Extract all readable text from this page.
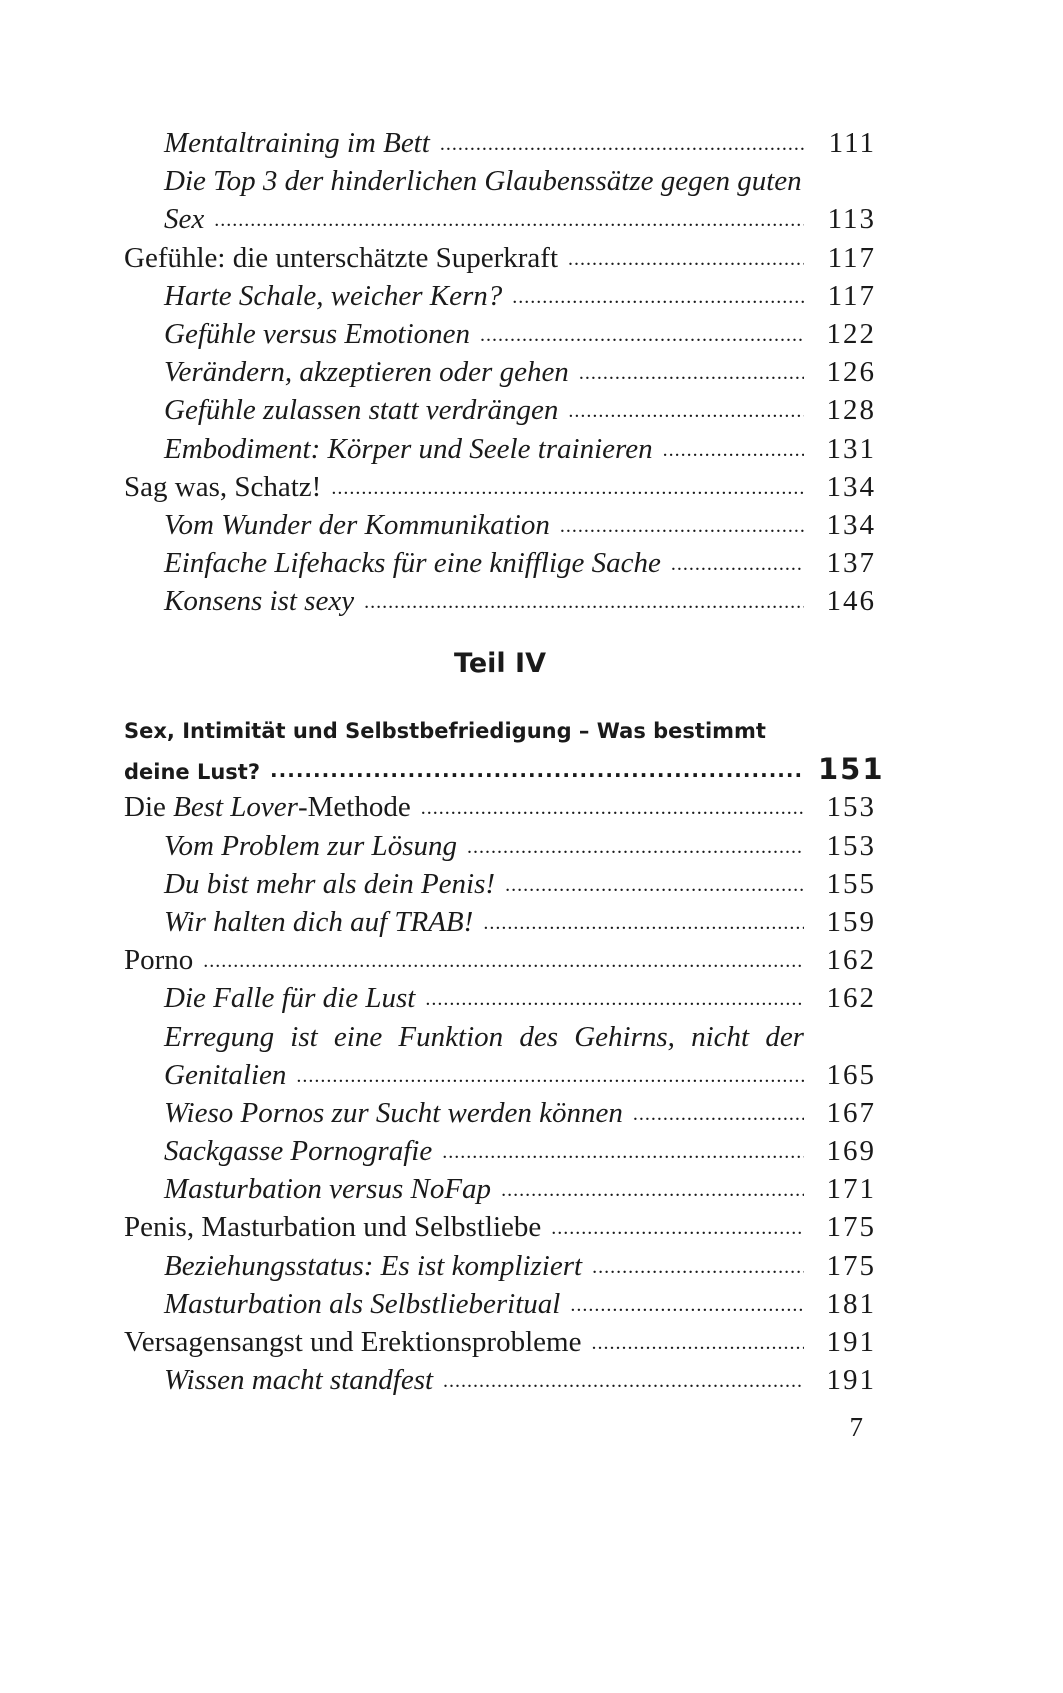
Mentaltraining im Bett .....	111
Die Top 3 der hinderlichen Glaubenssätze gegen guten
Sex .....	113
Gefühle: die unterschätzte Superkraft .....	117
Harte Schale, weicher Kern? .....	117
Gefühle versus Emotionen .....	122
Verändern, akzeptieren oder gehen .....	126
Gefühle zulassen statt verdrängen .....	128
Embodiment: Körper und Seele trainieren .....	131
Sag was, Schatz! .....	134
Vom Wunder der Kommunikation .....	134
Einfache Lifehacks für eine knifflige Sache .....	137
Konsens ist sexy .....	146
Teil IV
Sex, Intimität und Selbstbefriedigung – Was bestimmt
deine Lust? .....	151
Die Best Lover-Methode .....	153
Vom Problem zur Lösung .....	153
Du bist mehr als dein Penis! .....	155
Wir halten dich auf TRAB! .....	159
Porno .....	162
Die Falle für die Lust .....	162
Erregung ist eine Funktion des Gehirns, nicht der
Genitalien .....	165
Wieso Pornos zur Sucht werden können .....	167
Sackgasse Pornografie .....	169
Masturbation versus NoFap .....	171
Penis, Masturbation und Selbstliebe .....	175
Beziehungsstatus: Es ist kompliziert .....	175
Masturbation als Selbstlieberitual .....	181
Versagensangst und Erektionsprobleme .....	191
Wissen macht standfest .....	191
7
